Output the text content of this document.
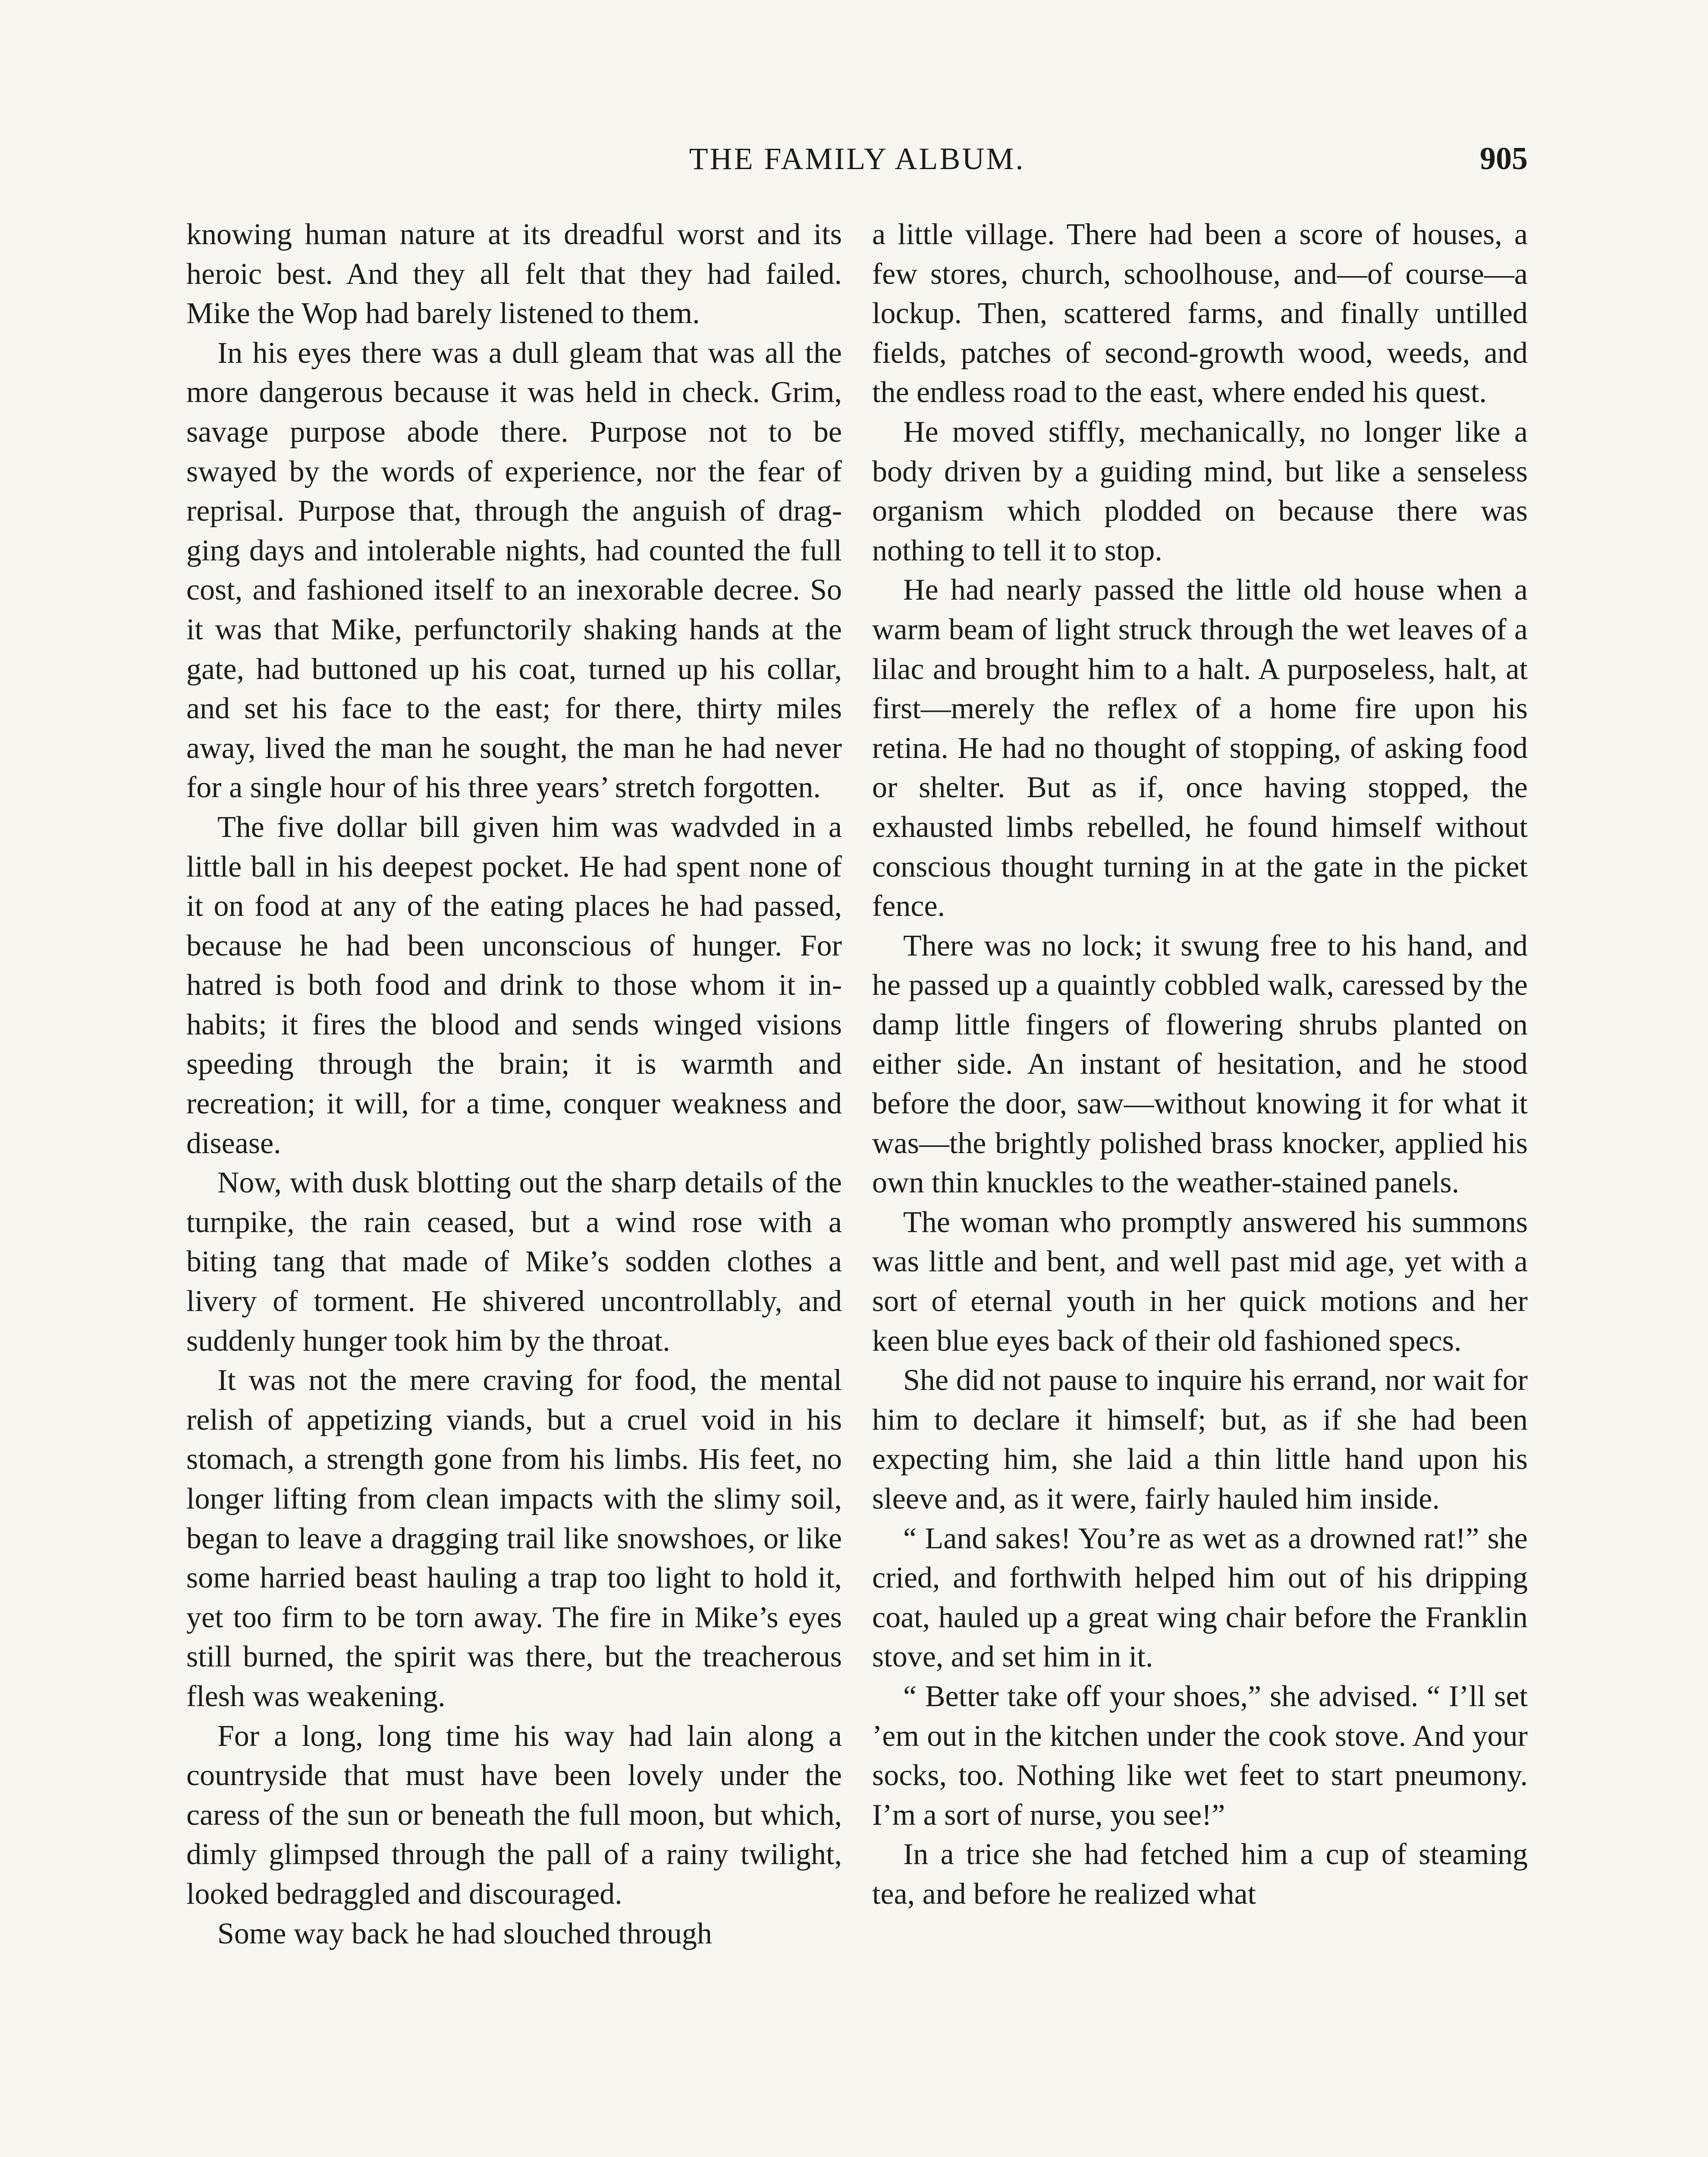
THE FAMILY ALBUM.	905

knowing human nature at its dreadful worst and its heroic best. And they all felt that they had failed. Mike the Wop had barely listened to them.

In his eyes there was a dull gleam that was all the more dangerous because it was held in check. Grim, savage purpose abode there. Purpose not to be swayed by the words of experience, nor the fear of reprisal. Purpose that, through the anguish of dragging days and intolerable nights, had counted the full cost, and fashioned itself to an inexorable decree. So it was that Mike, perfunctorily shaking hands at the gate, had buttoned up his coat, turned up his collar, and set his face to the east; for there, thirty miles away, lived the man he sought, the man he had never for a single hour of his three years’ stretch forgotten.

The five dollar bill given him was wadvded in a little ball in his deepest pocket. He had spent none of it on food at any of the eating places he had passed, because he had been unconscious of hunger. For hatred is both food and drink to those whom it inhabits; it fires the blood and sends winged visions speeding through the brain; it is warmth and recreation; it will, for a time, conquer weakness and disease.

Now, with dusk blotting out the sharp details of the turnpike, the rain ceased, but a wind rose with a biting tang that made of Mike’s sodden clothes a livery of torment. He shivered uncontrollably, and suddenly hunger took him by the throat.

It was not the mere craving for food, the mental relish of appetizing viands, but a cruel void in his stomach, a strength gone from his limbs. His feet, no longer lifting from clean impacts with the slimy soil, began to leave a dragging trail like snowshoes, or like some harried beast hauling a trap too light to hold it, yet too firm to be torn away. The fire in Mike’s eyes still burned, the spirit was there, but the treacherous flesh was weakening.

For a long, long time his way had lain along a countryside that must have been lovely under the caress of the sun or beneath the full moon, but which, dimly glimpsed through the pall of a rainy twilight, looked bedraggled and discouraged.

Some way back he had slouched through

a little village. There had been a score of houses, a few stores, church, schoolhouse, and—of course—a lockup. Then, scattered farms, and finally untilled fields, patches of second-growth wood, weeds, and the endless road to the east, where ended his quest.

He moved stiffly, mechanically, no longer like a body driven by a guiding mind, but like a senseless organism which plodded on because there was nothing to tell it to stop.

He had nearly passed the little old house when a warm beam of light struck through the wet leaves of a lilac and brought him to a halt. A purposeless, halt, at first—merely the reflex of a home fire upon his retina. He had no thought of stopping, of asking food or shelter. But as if, once having stopped, the exhausted limbs rebelled, he found himself without conscious thought turning in at the gate in the picket fence.

There was no lock; it swung free to his hand, and he passed up a quaintly cobbled walk, caressed by the damp little fingers of flowering shrubs planted on either side. An instant of hesitation, and he stood before the door, saw—without knowing it for what it was—the brightly polished brass knocker, applied his own thin knuckles to the weather-stained panels.

The woman who promptly answered his summons was little and bent, and well past mid age, yet with a sort of eternal youth in her quick motions and her keen blue eyes back of their old fashioned specs.

She did not pause to inquire his errand, nor wait for him to declare it himself; but, as if she had been expecting him, she laid a thin little hand upon his sleeve and, as it were, fairly hauled him inside.

“ Land sakes! You’re as wet as a drowned rat!” she cried, and forthwith helped him out of his dripping coat, hauled up a great wing chair before the Franklin stove, and set him in it.

“ Better take off your shoes,” she advised. “ I’ll set ’em out in the kitchen under the cook stove. And your socks, too. Nothing like wet feet to start pneumony. I’m a sort of nurse, you see!”

In a trice she had fetched him a cup of steaming tea, and before he realized what
